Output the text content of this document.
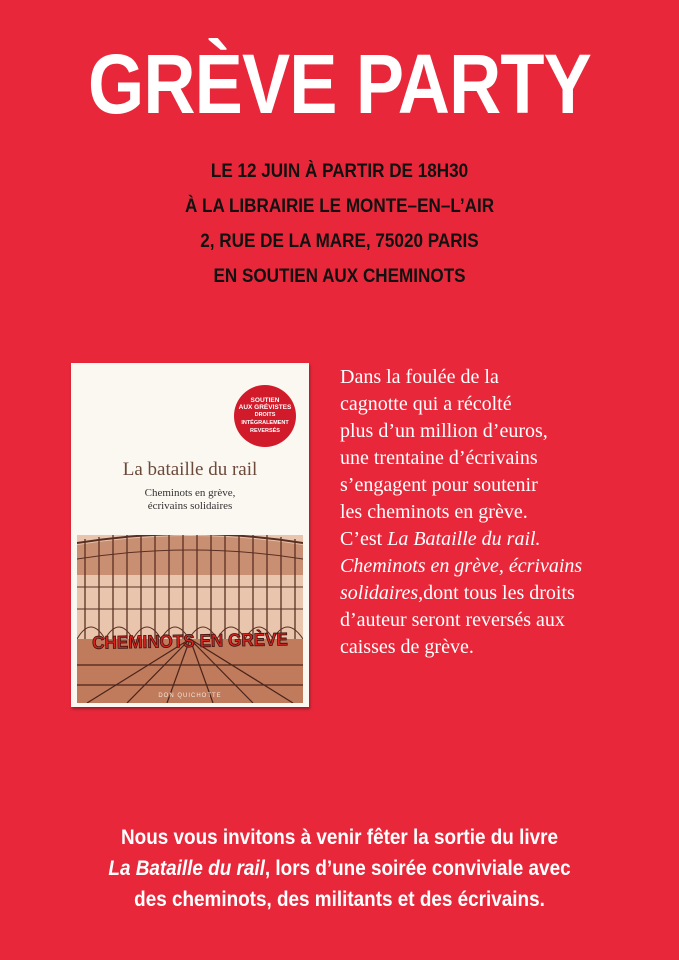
GRÈVE PARTY
LE 12 JUIN À PARTIR DE 18H30
À LA LIBRAIRIE LE MONTE–EN–L’AIR
2, RUE DE LA MARE, 75020 PARIS
EN SOUTIEN AUX CHEMINOTS
SOUTIEN
AUX GRÉVISTES
DROITS
INTÉGRALEMENT
REVERSÉS
La bataille du rail
Cheminots en grève,
écrivains solidaires
CHEMINOTS EN GRÈVE
DON QUICHOTTE
Dans la foulée de la
cagnotte qui a récolté
plus d’un million d’euros,
une trentaine d’écrivains
s’engagent pour soutenir
les cheminots en grève.
C’est La Bataille du rail.
Cheminots en grève, écrivains
solidaires,dont tous les droits
d’auteur seront reversés aux
caisses de grève.
Nous vous invitons à venir fêter la sortie du livre
La Bataille du rail, lors d’une soirée conviviale avec
des cheminots, des militants et des écrivains.
